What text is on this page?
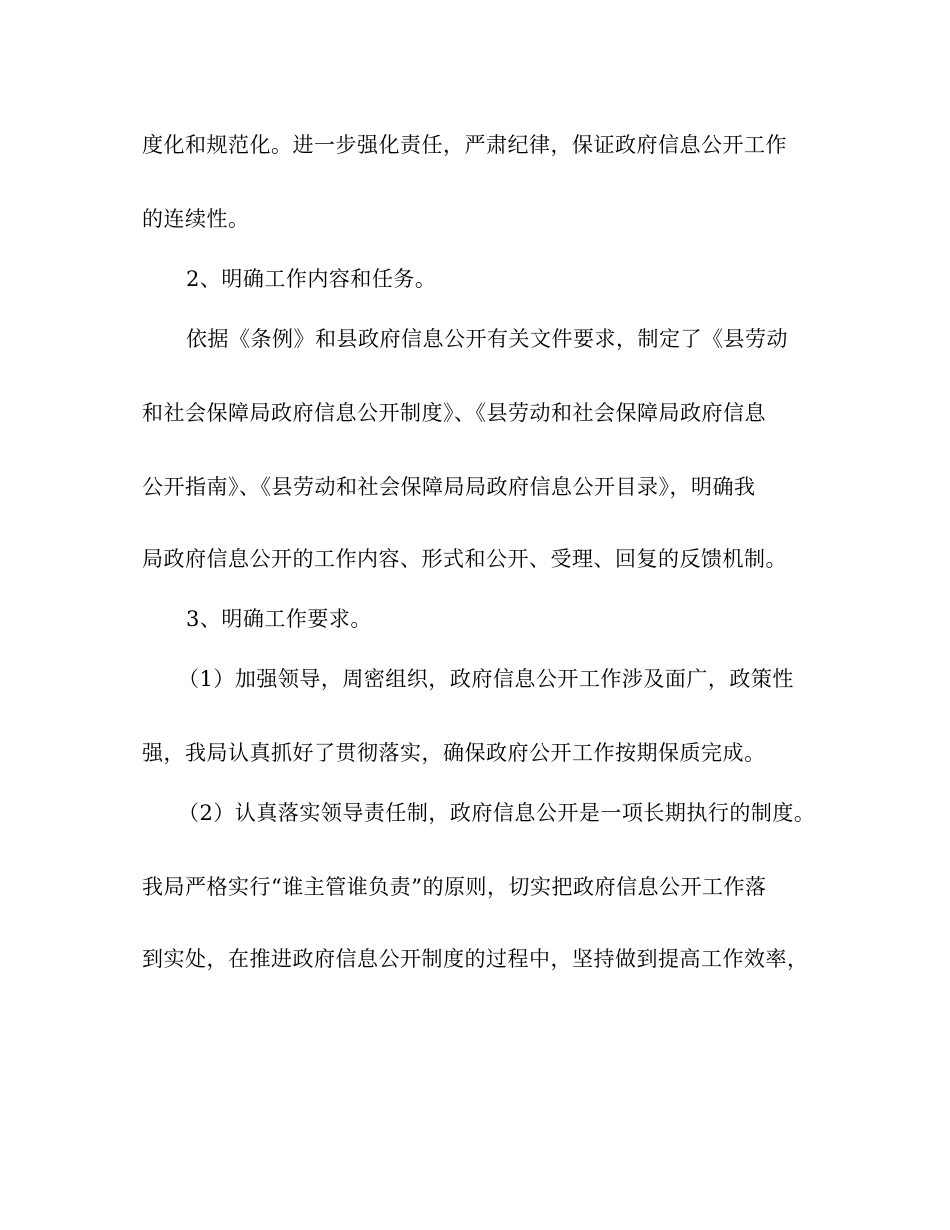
度化和规范化。进一步强化责任，严肃纪律，保证政府信息公开工作
的连续性。
2、明确工作内容和任务。
依据《条例》和县政府信息公开有关文件要求，制定了《县劳动
和社会保障局政府信息公开制度》、《县劳动和社会保障局政府信息
公开指南》、《县劳动和社会保障局局政府信息公开目录》，明确我
局政府信息公开的工作内容、形式和公开、受理、回复的反馈机制。
3、明确工作要求。
（1）加强领导，周密组织，政府信息公开工作涉及面广，政策性
强，我局认真抓好了贯彻落实，确保政府公开工作按期保质完成。
（2）认真落实领导责任制，政府信息公开是一项长期执行的制度。
我局严格实行“谁主管谁负责”的原则，切实把政府信息公开工作落
到实处，在推进政府信息公开制度的过程中，坚持做到提高工作效率，
